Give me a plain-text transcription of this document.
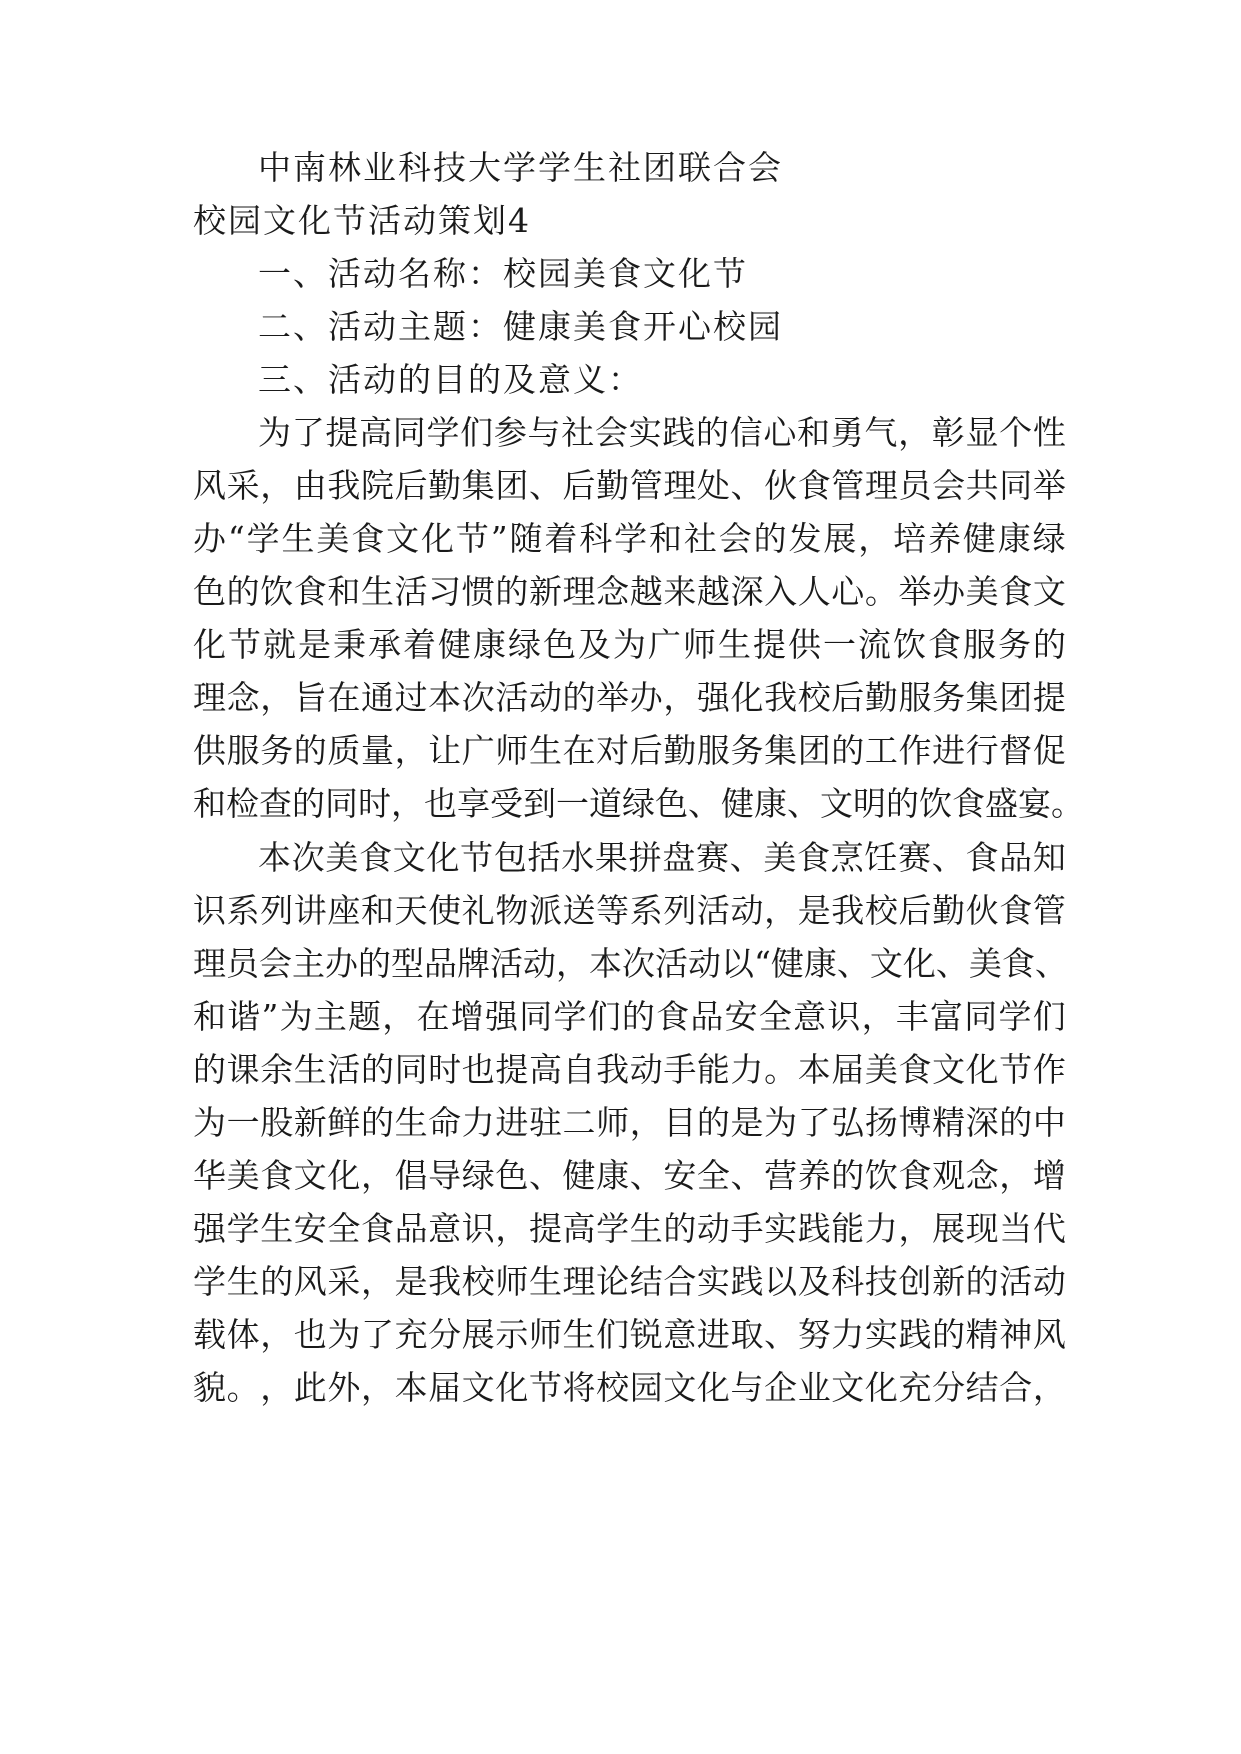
中南林业科技大学学生社团联合会
校园文化节活动策划4
一、活动名称：校园美食文化节
二、活动主题：健康美食开心校园
三、活动的目的及意义：
为 了 提 高 同 学 们 参 与 社 会 实 践 的 信 心 和 勇 气 ， 彰 显 个 性
风 采 ， 由 我 院 后 勤 集 团 、 后 勤 管 理 处 、 伙 食 管 理 员 会 共 同 举
办 “ 学 生 美 食 文 化 节 ” 随 着 科 学 和 社 会 的 发 展 ， 培 养 健 康 绿
色 的 饮 食 和 生 活 习 惯 的 新 理 念 越 来 越 深 入 人 心 。 举 办 美 食 文
化 节 就 是 秉 承 着 健 康 绿 色 及 为 广 师 生 提 供 一 流 饮 食 服 务 的
理 念 ， 旨 在 通 过 本 次 活 动 的 举 办 ， 强 化 我 校 后 勤 服 务 集 团 提
供 服 务 的 质 量 ， 让 广 师 生 在 对 后 勤 服 务 集 团 的 工 作 进 行 督 促
和 检 查 的 同 时 ， 也 享 受 到 一 道 绿 色 、 健 康 、 文 明 的 饮 食 盛 宴 。
本 次 美 食 文 化 节 包 括 水 果 拼 盘 赛 、 美 食 烹 饪 赛 、 食 品 知
识 系 列 讲 座 和 天 使 礼 物 派 送 等 系 列 活 动 ， 是 我 校 后 勤 伙 食 管
理 员 会 主 办 的 型 品 牌 活 动 ， 本 次 活 动 以 “ 健 康 、 文 化 、 美 食 、
和 谐 ” 为 主 题 ， 在 增 强 同 学 们 的 食 品 安 全 意 识 ， 丰 富 同 学 们
的 课 余 生 活 的 同 时 也 提 高 自 我 动 手 能 力 。 本 届 美 食 文 化 节 作
为 一 股 新 鲜 的 生 命 力 进 驻 二 师 ， 目 的 是 为 了 弘 扬 博 精 深 的 中
华 美 食 文 化 ， 倡 导 绿 色 、 健 康 、 安 全 、 营 养 的 饮 食 观 念 ， 增
强 学 生 安 全 食 品 意 识 ， 提 高 学 生 的 动 手 实 践 能 力 ， 展 现 当 代
学 生 的 风 采 ， 是 我 校 师 生 理 论 结 合 实 践 以 及 科 技 创 新 的 活 动
载 体 ， 也 为 了 充 分 展 示 师 生 们 锐 意 进 取 、 努 力 实 践 的 精 神 风
貌 。 ， 此 外 ， 本 届 文 化 节 将 校 园 文 化 与 企 业 文 化 充 分 结 合 ，
